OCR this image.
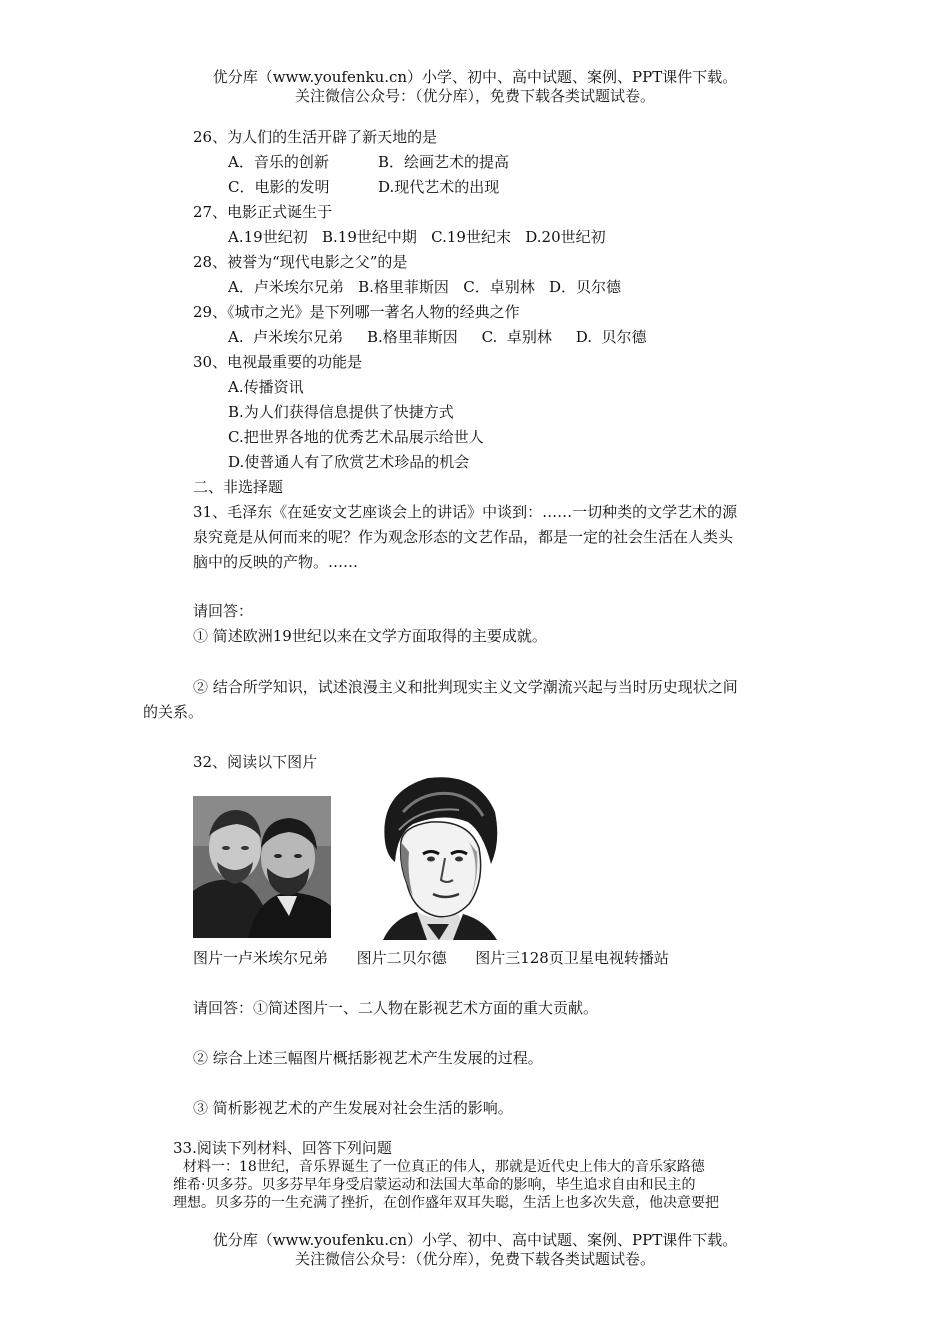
优分库（www.youfenku.cn）小学、初中、高中试题、案例、PPT课件下载。
关注微信公众号：（优分库），免费下载各类试题试卷。
26、为人们的生活开辟了新天地的是
A．音乐的创新	B．绘画艺术的提高
C．电影的发明	D.现代艺术的出现
27、电影正式诞生于
A.19世纪初   B.19世纪中期   C.19世纪末   D.20世纪初
28、被誉为“现代电影之父”的是
A．卢米埃尔兄弟   B.格里菲斯因   C．卓别林   D．贝尔德
29、《城市之光》是下列哪一著名人物的经典之作
A.  卢米埃尔兄弟     B.格里菲斯因     C.  卓别林     D.  贝尔德
30、电视最重要的功能是
A.传播资讯
B.为人们获得信息提供了快捷方式
C.把世界各地的优秀艺术品展示给世人
D.使普通人有了欣赏艺术珍品的机会
二、非选择题
31、毛泽东《在延安文艺座谈会上的讲话》中谈到：……一切种类的文学艺术的源
泉究竟是从何而来的呢？作为观念形态的文艺作品，都是一定的社会生活在人类头
脑中的反映的产物。……
请回答：
① 简述欧洲19世纪以来在文学方面取得的主要成就。
② 结合所学知识，试述浪漫主义和批判现实主义文学潮流兴起与当时历史现状之间
的关系。
32、阅读以下图片
图片一卢米埃尔兄弟      图片二贝尔德      图片三128页卫星电视转播站
请回答：①简述图片一、二人物在影视艺术方面的重大贡献。
② 综合上述三幅图片概括影视艺术产生发展的过程。
③ 简析影视艺术的产生发展对社会生活的影响。
33.阅读下列材料、回答下列问题
材料一：18世纪，音乐界诞生了一位真正的伟人，那就是近代史上伟大的音乐家路德
维希·贝多芬。贝多芬早年身受启蒙运动和法国大革命的影响，毕生追求自由和民主的
理想。贝多芬的一生充满了挫折，在创作盛年双耳失聪，生活上也多次失意，他决意要把
优分库（www.youfenku.cn）小学、初中、高中试题、案例、PPT课件下载。
关注微信公众号：（优分库），免费下载各类试题试卷。
